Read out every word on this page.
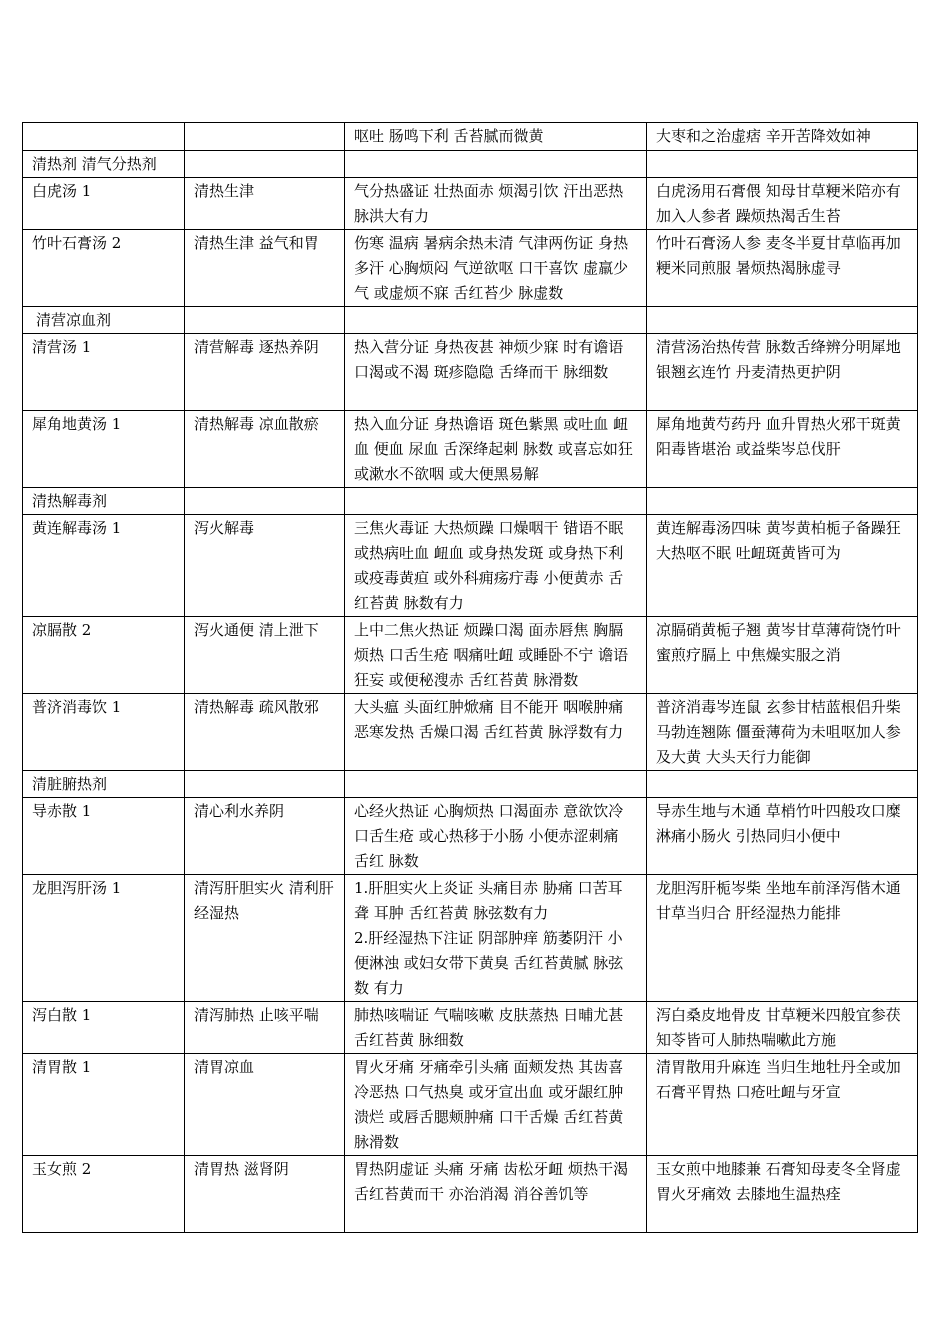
		呕吐 肠鸣下利 舌苔腻而微黄	大枣和之治虚痞 辛开苦降效如神
清热剂 清气分热剂			
白虎汤 1	清热生津	气分热盛证 壮热面赤 烦渴引饮 汗出恶热 脉洪大有力	白虎汤用石膏偎 知母甘草粳米陪亦有加入人参者 躁烦热渴舌生苔
竹叶石膏汤 2	清热生津 益气和胃	伤寒 温病 暑病余热未清 气津两伤证 身热多汗 心胸烦闷 气逆欲呕 口干喜饮 虚羸少气 或虚烦不寐 舌红苔少 脉虚数	竹叶石膏汤人参 麦冬半夏甘草临再加粳米同煎服 暑烦热渴脉虚寻
清营凉血剂			
清营汤 1	清营解毒 逐热养阴	热入营分证 身热夜甚 神烦少寐 时有谵语 口渴或不渴 斑疹隐隐 舌绛而干 脉细数	清营汤治热传营 脉数舌绛辨分明犀地银翘玄连竹 丹麦清热更护阴
犀角地黄汤 1	清热解毒 凉血散瘀	热入血分证 身热谵语 斑色紫黑 或吐血 衄血 便血 尿血 舌深绛起刺 脉数 或喜忘如狂 或漱水不欲咽 或大便黑易解	犀角地黄芍药丹 血升胃热火邪干斑黄阳毒皆堪治 或益柴岑总伐肝
清热解毒剂			
黄连解毒汤 1	泻火解毒	三焦火毒证 大热烦躁 口燥咽干 错语不眠 或热病吐血 衄血 或身热发斑 或身热下利 或疫毒黄疸 或外科痈疡疔毒 小便黄赤 舌红苔黄 脉数有力	黄连解毒汤四味 黄岑黄柏栀子备躁狂大热呕不眠 吐衄斑黄皆可为
凉膈散 2	泻火通便 清上泄下	上中二焦火热证 烦躁口渴 面赤唇焦 胸膈烦热 口舌生疮 咽痛吐衄 或睡卧不宁 谵语狂妄 或便秘溲赤 舌红苔黄 脉滑数	凉膈硝黄栀子翘 黄岑甘草薄荷饶竹叶蜜煎疗膈上 中焦燥实服之消
普济消毒饮 1	清热解毒 疏风散邪	大头瘟 头面红肿焮痛 目不能开 咽喉肿痛 恶寒发热 舌燥口渴 舌红苔黄 脉浮数有力	普济消毒岑连鼠 玄参甘桔蓝根侣升柴马勃连翘陈 僵蚕薄荷为未咀呕加人参及大黄 大头天行力能御
清脏腑热剂			
导赤散 1	清心利水养阴	心经火热证 心胸烦热 口渴面赤 意欲饮冷 口舌生疮 或心热移于小肠 小便赤涩刺痛 舌红 脉数	导赤生地与木通 草梢竹叶四般攻口糜淋痛小肠火 引热同归小便中
龙胆泻肝汤 1	清泻肝胆实火 清利肝经湿热	1.肝胆实火上炎证 头痛目赤 胁痛 口苦耳聋 耳肿 舌红苔黄 脉弦数有力
2.肝经湿热下注证 阴部肿痒 筋萎阴汗 小便淋浊 或妇女带下黄臭 舌红苔黄腻 脉弦数 有力	龙胆泻肝栀岑柴 坐地车前泽泻偕木通甘草当归合 肝经湿热力能排
泻白散 1	清泻肺热 止咳平喘	肺热咳喘证 气喘咳嗽 皮肤蒸热 日晡尤甚 舌红苔黄 脉细数	泻白桑皮地骨皮 甘草粳米四般宜参茯知苓皆可人肺热喘嗽此方施
清胃散 1	清胃凉血	胃火牙痛 牙痛牵引头痛 面颊发热 其齿喜冷恶热 口气热臭 或牙宣出血 或牙龈红肿溃烂 或唇舌腮颊肿痛 口干舌燥 舌红苔黄 脉滑数	清胃散用升麻连 当归生地牡丹全或加石膏平胃热 口疮吐衄与牙宣
玉女煎 2	清胃热 滋肾阴	胃热阴虚证 头痛 牙痛 齿松牙衄 烦热干渴 舌红苔黄而干 亦治消渴 消谷善饥等	玉女煎中地膝兼 石膏知母麦冬全肾虚胃火牙痛效 去膝地生温热痊
